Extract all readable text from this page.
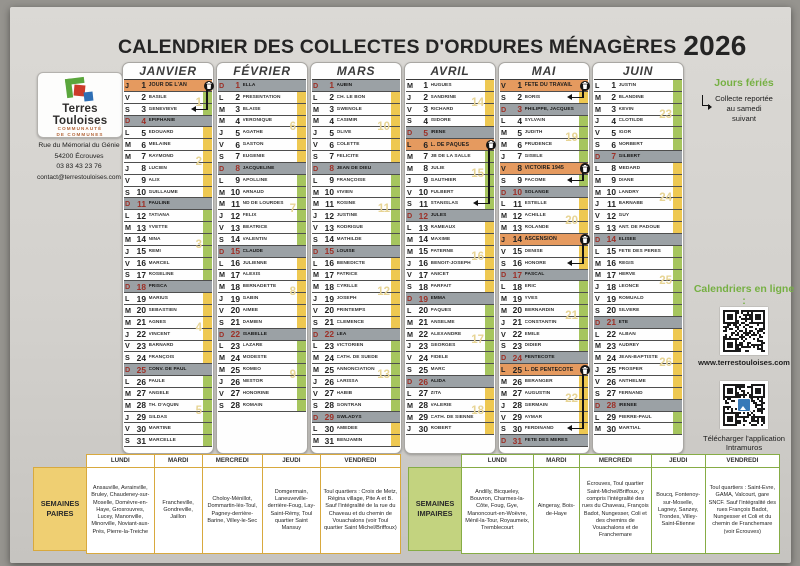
CALENDRIER DES COLLECTES D'ORDURES MÉNAGÈRES 2026
Terres
Touloises
COMMUNAUTÉ
DE COMMUNES
Rue du Mémorial du Génie
54200 Écrouves
03 83 43 23 76
contact@terrestouloises.com
JANVIER
J	1 JOUR DE L'AN
V	2 BASILE
S	3 GENEVIÈVE
D	4 ÉPIPHANIE
L	5 EDOUARD
M	6 MÉLAINE
M	7 RAYMOND
J	8 LUCIEN
V	9 ALIX
S 10 GUILLAUME
D 11 PAULINE
L 12 TATIANA
M 13 YVETTE
M 14 NINA
J 15 RÉMI
V 16 MARCEL
S 17 ROSELINE
D 18 PRISCA
L 19 MARIUS
M 20 SÉBASTIEN
M 21 AGNÈS
J 22 VINCENT
V 23 BARNARD
S 24 FRANÇOIS
D 25 CONV. DE PAUL
L 26 PAULE
M 27 ANGÈLE
M 28 TH. D'AQUIN
J 29 GILDAS
V 30 MARTINE
S 31 MARCELLE
1
2
3
4
5
FÉVRIER
D	1 ELLA
L	2 PRÉSENTATION
M	3 BLAISE
M	4 VÉRONIQUE
J	5 AGATHE
V	6 GASTON
S	7 EUGÉNIE
D	8 JACQUELINE
L	9 APOLLINE
M 10 ARNAUD
M 11 ND DE LOURDES
J 12 FÉLIX
V 13 BÉATRICE
S 14 VALENTIN
D 15 CLAUDE
L 16 JULIENNE
M 17 ALEXIS
M 18 BERNADETTE
J 19 GABIN
V 20 AIMÉE
S 21 DAMIEN
D 22 ISABELLE
L 23 LAZARE
M 24 MODESTE
M 25 ROMÉO
J 26 NESTOR
V 27 HONORINE
S 28 ROMAIN
6
7
8
9
MARS
D	1 AUBIN
L	2 CH. LE BON
M	3 GWÉNOLÉ
M	4 CASIMIR
J	5 OLIVE
V	6 COLETTE
S	7 FÉLICITÉ
D	8 JEAN DE DIEU
L	9 FRANÇOISE
M 10 VIVIEN
M 11 ROSINE
J 12 JUSTINE
V 13 RODRIGUE
S 14 MATHILDE
D 15 LOUISE
L 16 BÉNÉDICTE
M 17 PATRICE
M 18 CYRILLE
J 19 JOSEPH
V 20 PRINTEMPS
S 21 CLÉMENCE
D 22 LÉA
L 23 VICTORIEN
M 24 CATH. DE SUÈDE
M 25 ANNONCIATION
J 26 LARISSA
V 27 HABIB
S 28 GONTRAN
D 29 GWLADYS
L 30 AMÉDÉE
M 31 BENJAMIN
10
11
12
13
AVRIL
M	1 HUGUES
J	2 SANDRINE
V	3 RICHARD
S	4 ISIDORE
D	5 IRÈNE
L	6 L. DE PÂQUES
M	7 JB DE LA SALLE
M	8 JULIE
J	9 GAUTHIER
V 10 FULBERT
S 11 STANISLAS
D 12 JULES
L 13 RAMEAUX
M 14 MAXIME
M 15 PATERNE
J 16 BENOÎT-JOSEPH
V 17 ANICET
S 18 PARFAIT
D 19 EMMA
L 20 PÂQUES
M 21 ANSELME
M 22 ALEXANDRE
J 23 GEORGES
V 24 FIDÈLE
S 25 MARC
D 26 ALIDA
L 27 ZITA
M 28 VALÉRIE
M 29 CATH. DE SIENNE
J 30 ROBERT
14
15
16
17
18
MAI
V	1 FÊTE DU TRAVAIL
S	2 BORIS
D	3 PHILIPPE, JACQUES
L	4 SYLVAIN
M	5 JUDITH
M	6 PRUDENCE
J	7 GISÈLE
V	8 VICTOIRE 1945
S	9 PACÔME
D 10 SOLANGE
L 11 ESTELLE
M 12 ACHILLE
M 13 ROLANDE
J 14 ASCENSION
V 15 DENISE
S 16 HONORÉ
D 17 PASCAL
L 18 ÉRIC
M 19 YVES
M 20 BERNARDIN
J 21 CONSTANTIN
V 22 ÉMILE
S 23 DIDIER
D 24 PENTECÔTE
L 25 L. DE PENTECÔTE
M 26 BÉRANGER
M 27 AUGUSTIN
J 28 GERMAIN
V 29 AYMAR
S 30 FERDINAND
D 31 FÊTE DES MÈRES
19
20
21
22
JUIN
L	1 JUSTIN
M	2 BLANDINE
M	3 KÉVIN
J	4 CLOTILDE
V	5 IGOR
S	6 NORBERT
D	7 GILBERT
L	8 MÉDARD
M	9 DIANE
M 10 LANDRY
J 11 BARNABÉ
V 12 GUY
S 13 ANT. DE PADOUE
D 14 ÉLISÉE
L 15 FÊTE DES PÈRES
M 16 RÉGIS
M 17 HERVÉ
J 18 LÉONCE
V 19 ROMUALD
S 20 SILVÈRE
D 21 ÉTÉ
L 22 ALBAN
M 23 AUDREY
M 24 JEAN-BAPTISTE
J 25 PROSPER
V 26 ANTHELME
S 27 FERNAND
D 28 IRÉNÉE
L 29 PIERRE-PAUL
M 30 MARTIAL
23
24
25
26
Jours fériés
Collecte reportée au samedi suivant
Calendriers en ligne :
www.terrestouloises.com
Télécharger l'application Intramuros
SEMAINES PAIRES
LUNDI
Ansauville, Avrainville, Bruley, Chaudeney-sur-Moselle, Domèvre-en-Haye, Grosrouvres, Lucey, Manonville, Minorville, Noviant-aux-Prés, Pierre-la-Treiche
MARDI
Francheville, Gondreville, Jaillon
MERCREDI
Choloy-Ménillot, Dommartin-lès-Toul, Pagney-derrière-Barine, Villey-le-Sec
JEUDI
Domgermain, Laneuveville-derrière-Foug, Lay-Saint-Rémy, Toul quartier Saint Mansuy
VENDREDI
Toul quartiers : Croix de Metz, Régina village, Pite A et B. Sauf l'intégralité de la rue du Chaveau et du chemin de Vouachalons (voir Toul quartier Saint Michel/Briffoux)
SEMAINES IMPAIRES
LUNDI
Andilly, Bicqueley, Bouvron, Charmes-la-Côte, Foug, Gye, Manoncourt-en-Woëvre, Ménil-la-Tour, Royaumeix, Tremblecourt
MARDI
Aingeray, Bois-de-Haye
MERCREDI
Écrouves, Toul quartier Saint-Michel/Briffoux, y compris l'intégralité des rues du Chaveau, François Badot, Nungesser, Coli et des chemins de Vouachalons et de Franchemare
JEUDI
Boucq, Fontenoy-sur-Moselle, Lagney, Sanzey, Trondes, Villey-Saint-Étienne
VENDREDI
Toul quartiers : Saint-Evre, GAMA, Valcourt, gare SNCF. Sauf l'intégralité des rues François Badot, Nungesser et Coli et du chemin de Franchemare (voir Écrouves)
